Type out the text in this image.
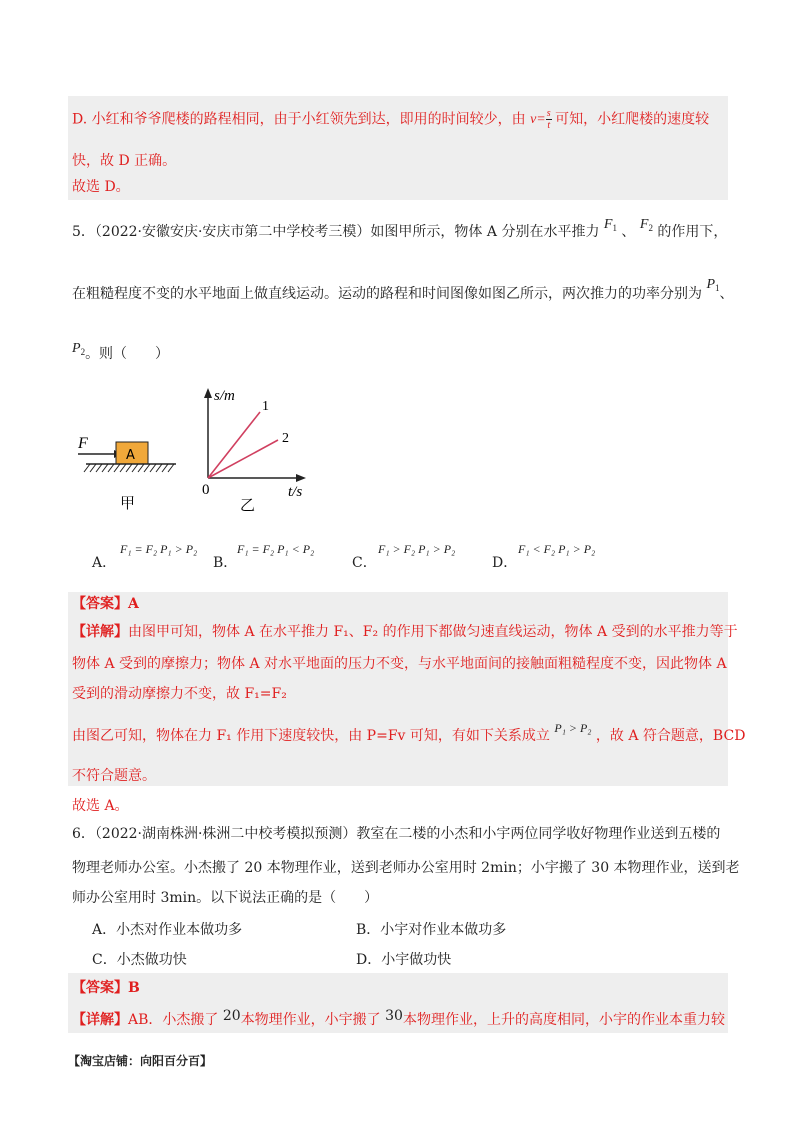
D. 小红和爷爷爬楼的路程相同，由于小红领先到达，即用的时间较少，由 $v= \frac{s}{t}$ 可知，小红爬楼的速度较
快，故 D 正确。
故选 D。
5．（2022·安徽安庆·安庆市第二中学校考三模）如图甲所示，物体 A 分别在水平推力 $F_1$ 、 $F_2$ 的作用下，
在粗糙程度不变的水平地面上做直线运动。运动的路程和时间图像如图乙所示，两次推力的功率分别为 $P_1$、
$P_2$。则（　　）
F
A
甲
s/m
t/s
0
1
2
乙
A．
F₁ = F₂ P₁ > P₂
B．
F₁ = F₂ P₁ < P₂
C．
F₁ > F₂ P₁ > P₂
D．
F₁ < F₂ P₁ > P₂
【答案】A
【详解】由图甲可知，物体 A 在水平推力 F₁、F₂ 的作用下都做匀速直线运动，物体 A 受到的水平推力等于
物体 A 受到的摩擦力；物体 A 对水平地面的压力不变，与水平地面间的接触面粗糙程度不变，因此物体 A
受到的滑动摩擦力不变，故 F₁=F₂
由图乙可知，物体在力 F₁ 作用下速度较快，由 P=Fv 可知，有如下关系成立 P₁ > P₂ ，故 A 符合题意，BCD
不符合题意。
故选 A。
6．（2022·湖南株洲·株洲二中校考模拟预测）教室在二楼的小杰和小宇两位同学收好物理作业送到五楼的
物理老师办公室。小杰搬了 20 本物理作业，送到老师办公室用时 2min；小宇搬了 30 本物理作业，送到老
师办公室用时 3min。以下说法正确的是（　　）
A．小杰对作业本做功多	B．小宇对作业本做功多
C．小杰做功快	D．小宇做功快
【答案】B
【详解】AB．小杰搬了 20本物理作业，小宇搬了 30本物理作业，上升的高度相同，小宇的作业本重力较
【淘宝店铺：向阳百分百】
